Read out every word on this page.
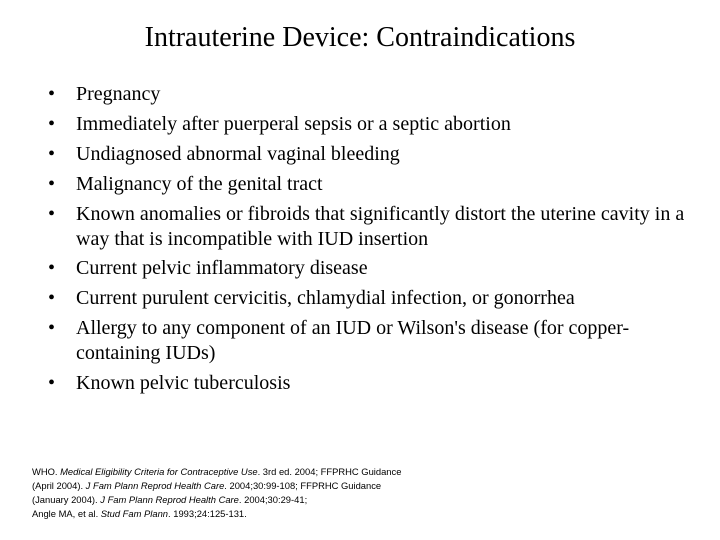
Intrauterine Device: Contraindications
•	Pregnancy
•	Immediately after puerperal sepsis or a septic abortion
•	Undiagnosed abnormal vaginal bleeding
•	Malignancy of the genital tract
•	Known anomalies or fibroids that significantly distort the uterine cavity in a way that is incompatible with IUD insertion
•	Current pelvic inflammatory disease
•	Current purulent cervicitis, chlamydial infection, or gonorrhea
•	Allergy to any component of an IUD or Wilson's disease (for copper-containing IUDs)
•	Known pelvic tuberculosis
WHO. Medical Eligibility Criteria for Contraceptive Use. 3rd ed. 2004; FFPRHC Guidance
(April 2004). J Fam Plann Reprod Health Care. 2004;30:99-108; FFPRHC Guidance
(January 2004). J Fam Plann Reprod Health Care. 2004;30:29-41;
Angle MA, et al. Stud Fam Plann. 1993;24:125-131.
